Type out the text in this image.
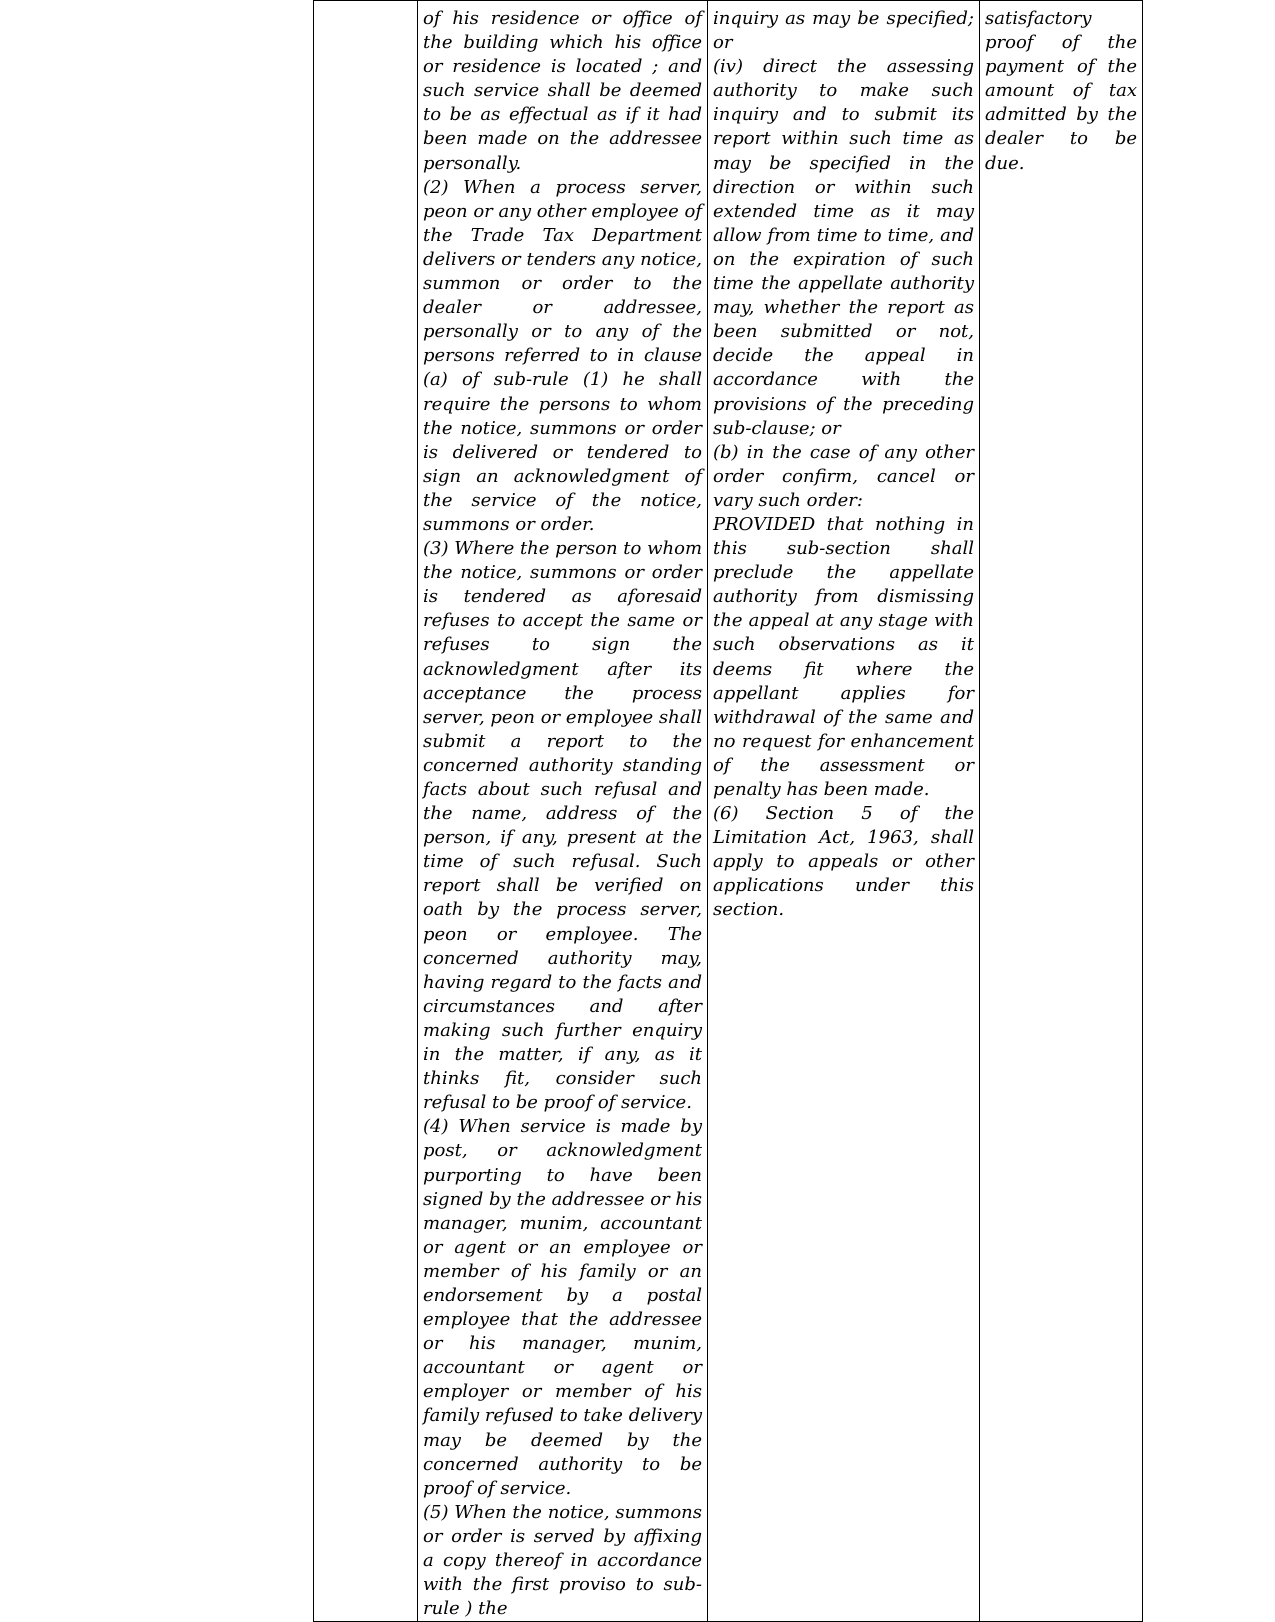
of his residence or office of the building which his office or residence is located ; and such service shall be deemed to be as effectual as if it had been made on the addressee personally.
(2) When a process server, peon or any other employee of the Trade Tax Department delivers or tenders any notice, summon or order to the dealer or addressee, personally or to any of the persons referred to in clause (a) of sub-rule (1) he shall require the persons to whom the notice, summons or order is delivered or tendered to sign an acknowledgment of the service of the notice, summons or order.
(3) Where the person to whom the notice, summons or order is tendered as aforesaid refuses to accept the same or refuses to sign the acknowledgment after its acceptance the process server, peon or employee shall submit a report to the concerned authority standing facts about such refusal and the name, address of the person, if any, present at the time of such refusal. Such report shall be verified on oath by the process server, peon or employee. The concerned authority may, having regard to the facts and circumstances and after making such further enquiry in the matter, if any, as it thinks fit, consider such refusal to be proof of service.
(4) When service is made by post, or acknowledgment purporting to have been signed by the addressee or his manager, munim, accountant or agent or an employee or member of his family or an endorsement by a postal employee that the addressee or his manager, munim, accountant or agent or employer or member of his family refused to take delivery may be deemed by the concerned authority to be proof of service.
(5) When the notice, summons or order is served by affixing a copy thereof in accordance with the first proviso to sub-rule ) the

inquiry as may be specified; or
(iv) direct the assessing authority to make such inquiry and to submit its report within such time as may be specified in the direction or within such extended time as it may allow from time to time, and on the expiration of such time the appellate authority may, whether the report as been submitted or not, decide the appeal in accordance with the provisions of the preceding sub-clause; or
(b) in the case of any other order confirm, cancel or vary such order:
PROVIDED that nothing in this sub-section shall preclude the appellate authority from dismissing the appeal at any stage with such observations as it deems fit where the appellant applies for withdrawal of the same and no request for enhancement of the assessment or penalty has been made.
(6) Section 5 of the Limitation Act, 1963, shall apply to appeals or other applications under this section.

satisfactory proof of the payment of the amount of tax admitted by the dealer to be due.
